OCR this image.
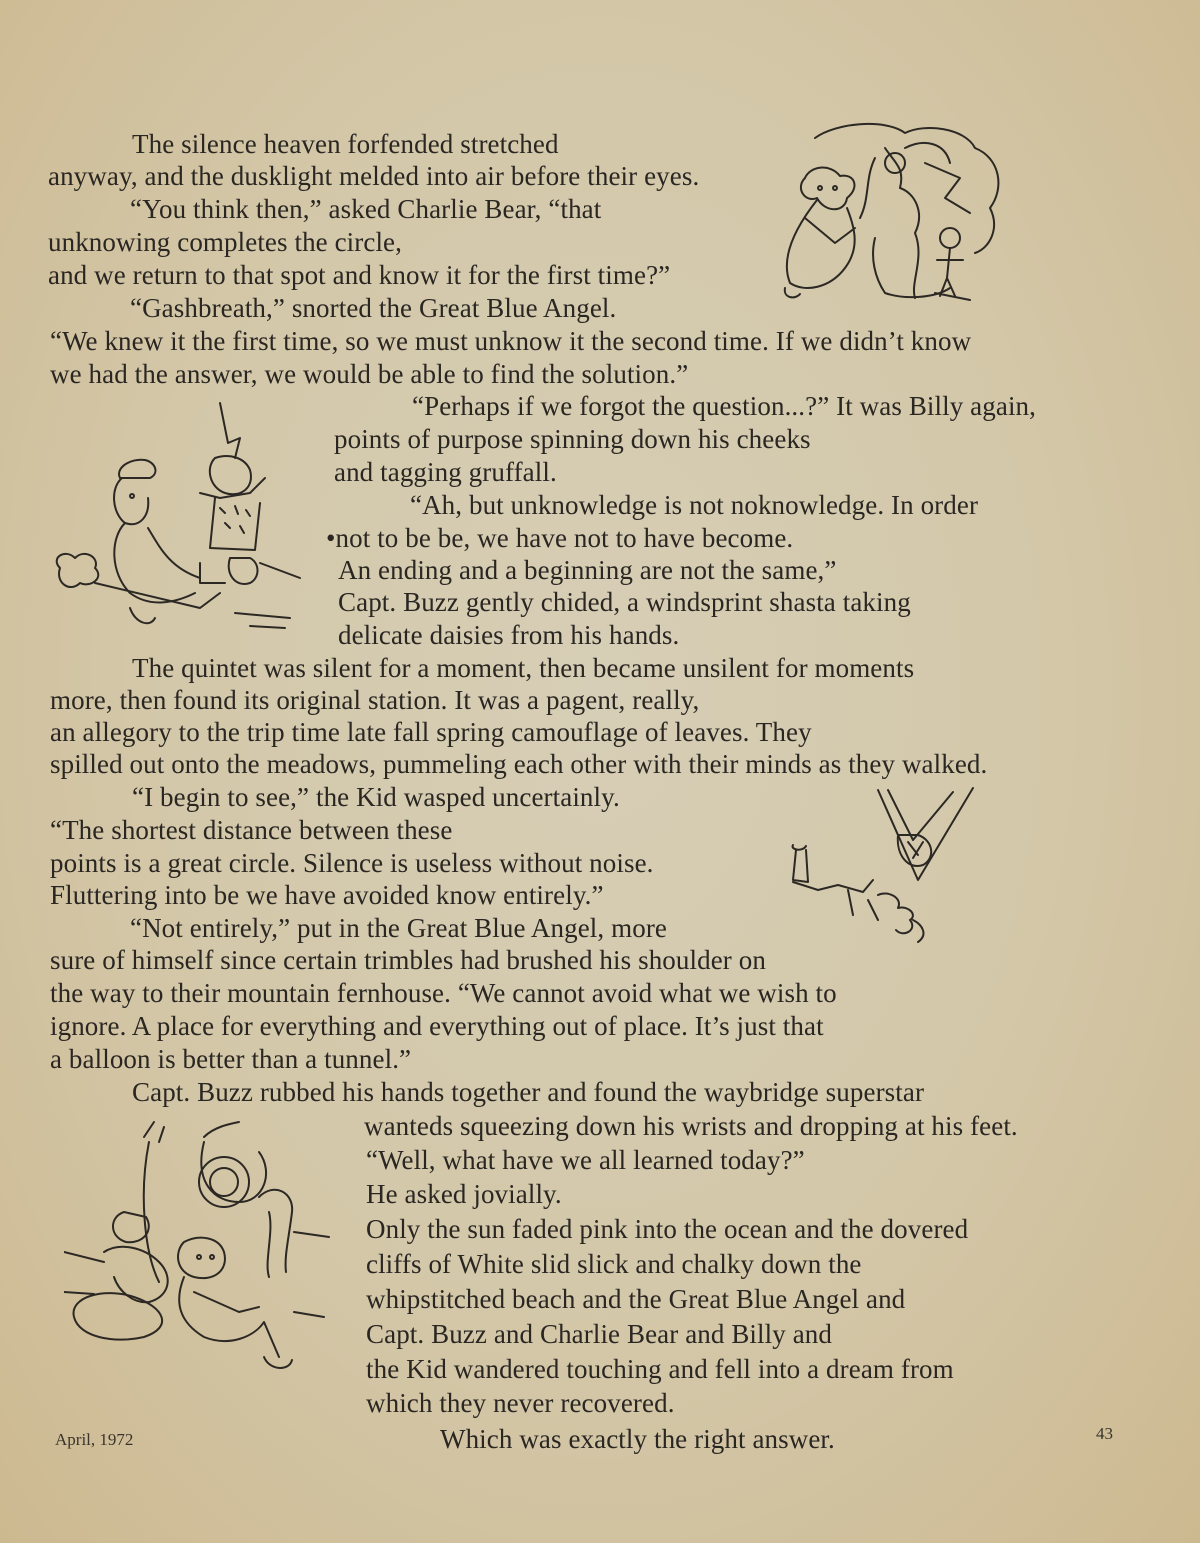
The silence heaven forfended stretched
anyway, and the dusklight melded into air before their eyes.
“You think then,” asked Charlie Bear, “that
unknowing completes the circle,
and we return to that spot and know it for the first time?”
“Gashbreath,” snorted the Great Blue Angel.
“We knew it the first time, so we must unknow it the second time. If we didn’t know
we had the answer, we would be able to find the solution.”
“Perhaps if we forgot the question...?” It was Billy again,
points of purpose spinning down his cheeks
and tagging gruffall.
“Ah, but unknowledge is not noknowledge. In order
•not to be be, we have not to have become.
An ending and a beginning are not the same,”
Capt. Buzz gently chided, a windsprint shasta taking
delicate daisies from his hands.
The quintet was silent for a moment, then became unsilent for moments
more, then found its original station. It was a pagent, really,
an allegory to the trip time late fall spring camouflage of leaves. They
spilled out onto the meadows, pummeling each other with their minds as they walked.
“I begin to see,” the Kid wasped uncertainly.
“The shortest distance between these
points is a great circle. Silence is useless without noise.
Fluttering into be we have avoided know entirely.”
“Not entirely,” put in the Great Blue Angel, more
sure of himself since certain trimbles had brushed his shoulder on
the way to their mountain fernhouse. “We cannot avoid what we wish to
ignore. A place for everything and everything out of place. It’s just that
a balloon is better than a tunnel.”
Capt. Buzz rubbed his hands together and found the waybridge superstar
wanteds squeezing down his wrists and dropping at his feet.
“Well, what have we all learned today?”
He asked jovially.
Only the sun faded pink into the ocean and the dovered
cliffs of White slid slick and chalky down the
whipstitched beach and the Great Blue Angel and
Capt. Buzz and Charlie Bear and Billy and
the Kid wandered touching and fell into a dream from
which they never recovered.
Which was exactly the right answer.
April, 1972	43
